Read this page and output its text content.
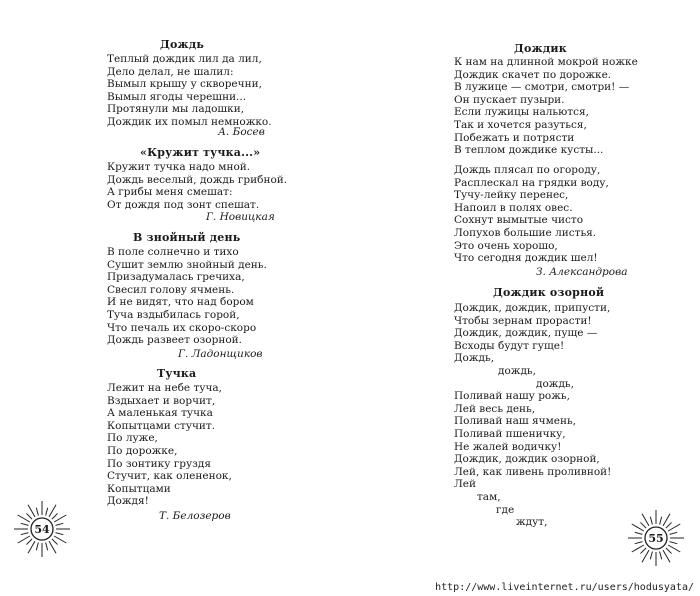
Дождь
Теплый дождик лил да лил,
Дело делал, не шалил:
Вымыл крышу у скворечни,
Вымыл ягоды черешни...
Протянули мы ладошки,
Дождик их помыл немножко.
А. Босев
«Кружит тучка...»
Кружит тучка надо мной.
Дождь веселый, дождь грибной.
А грибы меня смешат:
От дождя под зонт спешат.
Г. Новицкая
В знойный день
В поле солнечно и тихо
Сушит землю знойный день.
Призадумалась гречиха,
Свесил голову ячмень.
И не видят, что над бором
Туча вздыбилась горой,
Что печаль их скоро-скоро
Дождь развеет озорной.
Г. Ладонщиков
Тучка
Лежит на небе туча,
Вздыхает и ворчит,
А маленькая тучка
Копытцами стучит.
По луже,
По дорожке,
По зонтику груздя
Стучит, как олененок,
Копытцами
Дождя!
Т. Белозеров
54
Дождик
К нам на длинной мокрой ножке
Дождик скачет по дорожке.
В лужице — смотри, смотри! —
Он пускает пузыри.
Если лужицы нальются,
Так и хочется разуться,
Побежать и потрясти
В теплом дождике кусты...
Дождь плясал по огороду,
Расплескал на грядки воду,
Тучу-лейку перенес,
Напоил в полях овес.
Сохнут вымытые чисто
Лопухов большие листья.
Это очень хорошо,
Что сегодня дождик шел!
З. Александрова
Дождик озорной
Дождик, дождик, припусти,
Чтобы зернам прорасти!
Дождик, дождик, пуще —
Всходы будут гуще!
Дождь,
дождь,
дождь,
Поливай нашу рожь,
Лей весь день,
Поливай наш ячмень,
Поливай пшеничку,
Не жалей водичку!
Дождик, дождик озорной,
Лей, как ливень проливной!
Лей
там,
где
ждут,
55
http://www.liveinternet.ru/users/hodusyata/
